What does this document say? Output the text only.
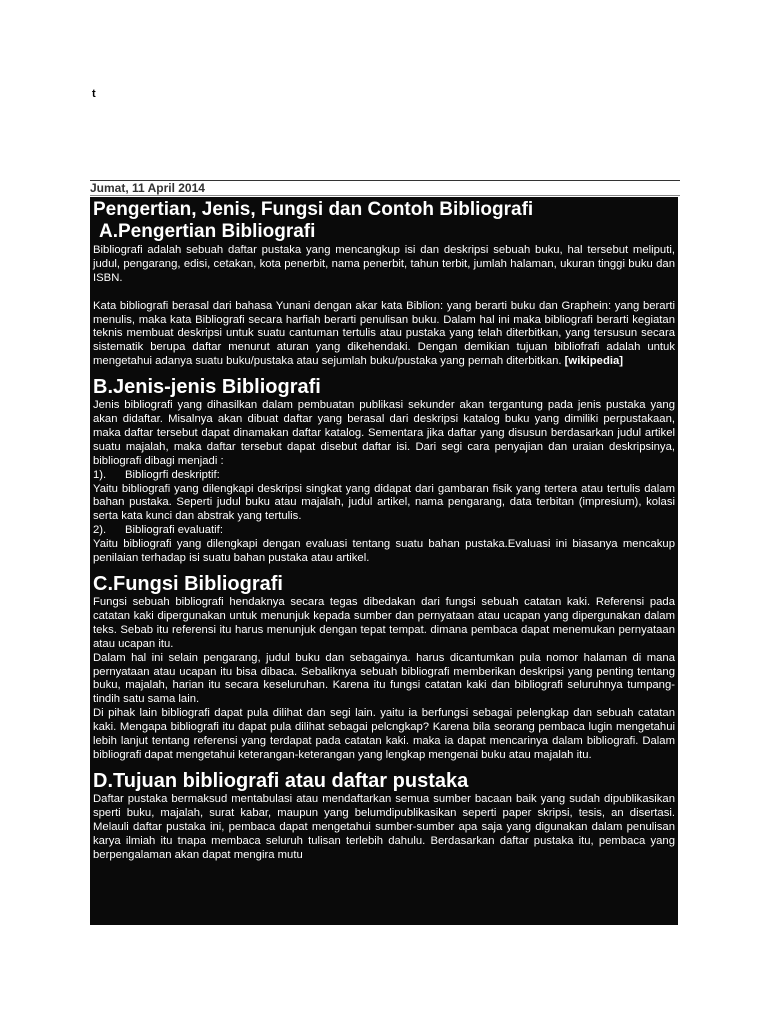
t
Jumat, 11 April 2014
Pengertian, Jenis, Fungsi dan Contoh Bibliografi
A.Pengertian Bibliografi

Bibliografi adalah sebuah daftar pustaka yang mencangkup isi dan deskripsi sebuah buku, hal tersebut meliputi, judul, pengarang, edisi, cetakan, kota penerbit, nama penerbit, tahun terbit, jumlah halaman, ukuran tinggi buku dan ISBN.

Kata bibliografi berasal dari bahasa Yunani dengan akar kata Biblion: yang berarti buku dan Graphein: yang berarti menulis, maka kata Bibliografi secara harfiah berarti penulisan buku. Dalam hal ini maka bibliografi berarti kegiatan teknis membuat deskripsi untuk suatu cantuman tertulis atau pustaka yang telah diterbitkan, yang tersusun secara sistematik berupa daftar menurut aturan yang dikehendaki. Dengan demikian tujuan bibliofrafi adalah untuk mengetahui adanya suatu buku/pustaka atau sejumlah buku/pustaka yang pernah diterbitkan. [wikipedia]

B.Jenis-jenis Bibliografi

Jenis bibliografi yang dihasilkan dalam pembuatan publikasi sekunder akan tergantung pada jenis pustaka yang akan didaftar. Misalnya akan dibuat daftar yang berasal dari deskripsi katalog buku yang dimiliki perpustakaan, maka daftar tersebut dapat dinamakan daftar katalog. Sementara jika daftar yang disusun berdasarkan judul artikel suatu majalah, maka daftar tersebut dapat disebut daftar isi. Dari segi cara penyajian dan uraian deskripsinya, bibliografi dibagi menjadi :

1).	Bibliogrfi deskriptif:

Yaitu bibliografi yang dilengkapi deskripsi singkat yang didapat dari gambaran fisik yang tertera atau tertulis dalam bahan pustaka. Seperti judul buku atau majalah, judul artikel, nama pengarang, data terbitan (impresium), kolasi serta kata kunci dan abstrak yang tertulis.

2).	Bibliografi evaluatif:

Yaitu bibliografi yang dilengkapi dengan evaluasi tentang suatu bahan pustaka.Evaluasi ini biasanya mencakup penilaian terhadap isi suatu bahan pustaka atau artikel.

C.Fungsi Bibliografi

Fungsi sebuah bibliografi hendaknya secara tegas dibedakan dari fungsi sebuah catatan kaki. Referensi pada catatan kaki dipergunakan untuk menunjuk kepada sumber dan pernyataan atau ucapan yang dipergunakan dalam teks. Sebab itu referensi itu harus menunjuk dengan tepat tempat. dimana pembaca dapat menemukan pernyataan atau ucapan itu.

Dalam hal ini selain pengarang, judul buku dan sebagainya. harus dicantumkan pula nomor halaman di mana pernyataan atau ucapan itu bisa dibaca. Sebaliknya sebuah bibliografi memberikan deskripsi yang penting tentang buku, majalah, harian itu secara keseluruhan. Karena itu fungsi catatan kaki dan bibliografi seluruhnya tumpang-tindih satu sama lain.

Di pihak lain bibliografi dapat pula dilihat dan segi lain. yaitu ia berfungsi sebagai pelengkap dan sebuah catatan kaki. Mengapa bibliografi itu dapat pula dilihat sebagai pelcngkap? Karena bila seorang pembaca lugin mengetahui lebih lanjut tentang referensi yang terdapat pada catatan kaki. maka ia dapat mencarinya dalam bibliografi. Dalam bibliografi dapat mengetahui keterangan-keterangan yang lengkap mengenai buku atau majalah itu.

D.Tujuan bibliografi atau daftar pustaka

Daftar pustaka bermaksud mentabulasi atau mendaftarkan semua sumber bacaan baik yang sudah dipublikasikan sperti buku, majalah, surat kabar, maupun yang belumdipublikasikan seperti paper skripsi, tesis, an disertasi. Melauli daftar pustaka ini, pembaca dapat mengetahui sumber-sumber apa saja yang digunakan dalam penulisan karya ilmiah itu tnapa membaca seluruh tulisan terlebih dahulu. Berdasarkan daftar pustaka itu, pembaca yang berpengalaman akan dapat mengira mutu
